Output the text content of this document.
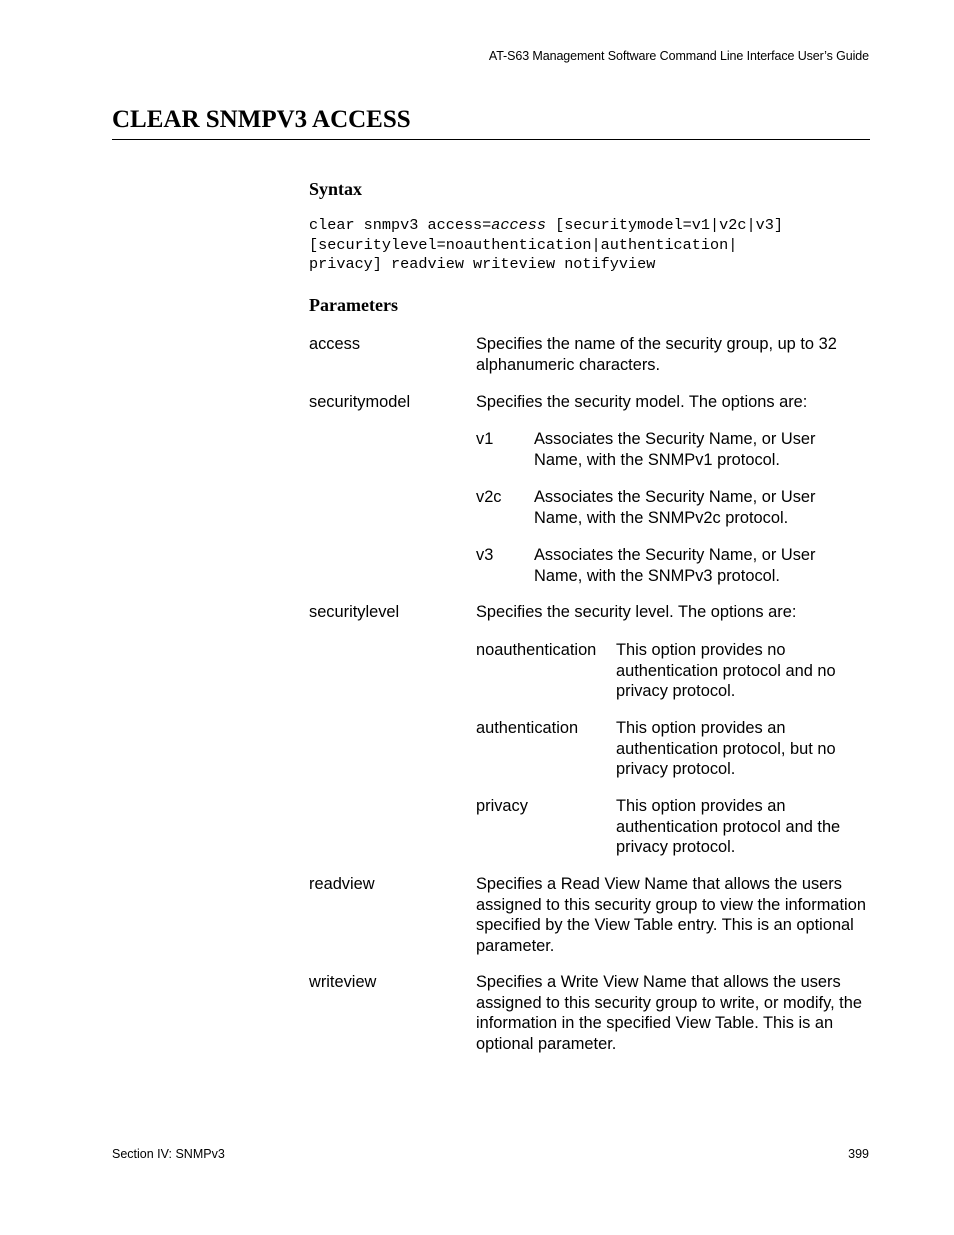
AT-S63 Management Software Command Line Interface User’s Guide
CLEAR SNMPV3 ACCESS
Syntax
clear snmpv3 access=access [securitymodel=v1|v2c|v3]
[securitylevel=noauthentication|authentication|
privacy] readview writeview notifyview
Parameters
access	Specifies the name of the security group, up to 32 alphanumeric characters.
securitymodel	Specifies the security model. The options are:
v1 Associates the Security Name, or User Name, with the SNMPv1 protocol.
v2c Associates the Security Name, or User Name, with the SNMPv2c protocol.
v3 Associates the Security Name, or User Name, with the SNMPv3 protocol.
securitylevel	Specifies the security level. The options are:
noauthentication This option provides no authentication protocol and no privacy protocol.
authentication This option provides an authentication protocol, but no privacy protocol.
privacy	This option provides an authentication protocol and the privacy protocol.
readview	Specifies a Read View Name that allows the users assigned to this security group to view the information specified by the View Table entry. This is an optional parameter.
writeview	Specifies a Write View Name that allows the users assigned to this security group to write, or modify, the information in the specified View Table. This is an optional parameter.
Section IV: SNMPv3	399
